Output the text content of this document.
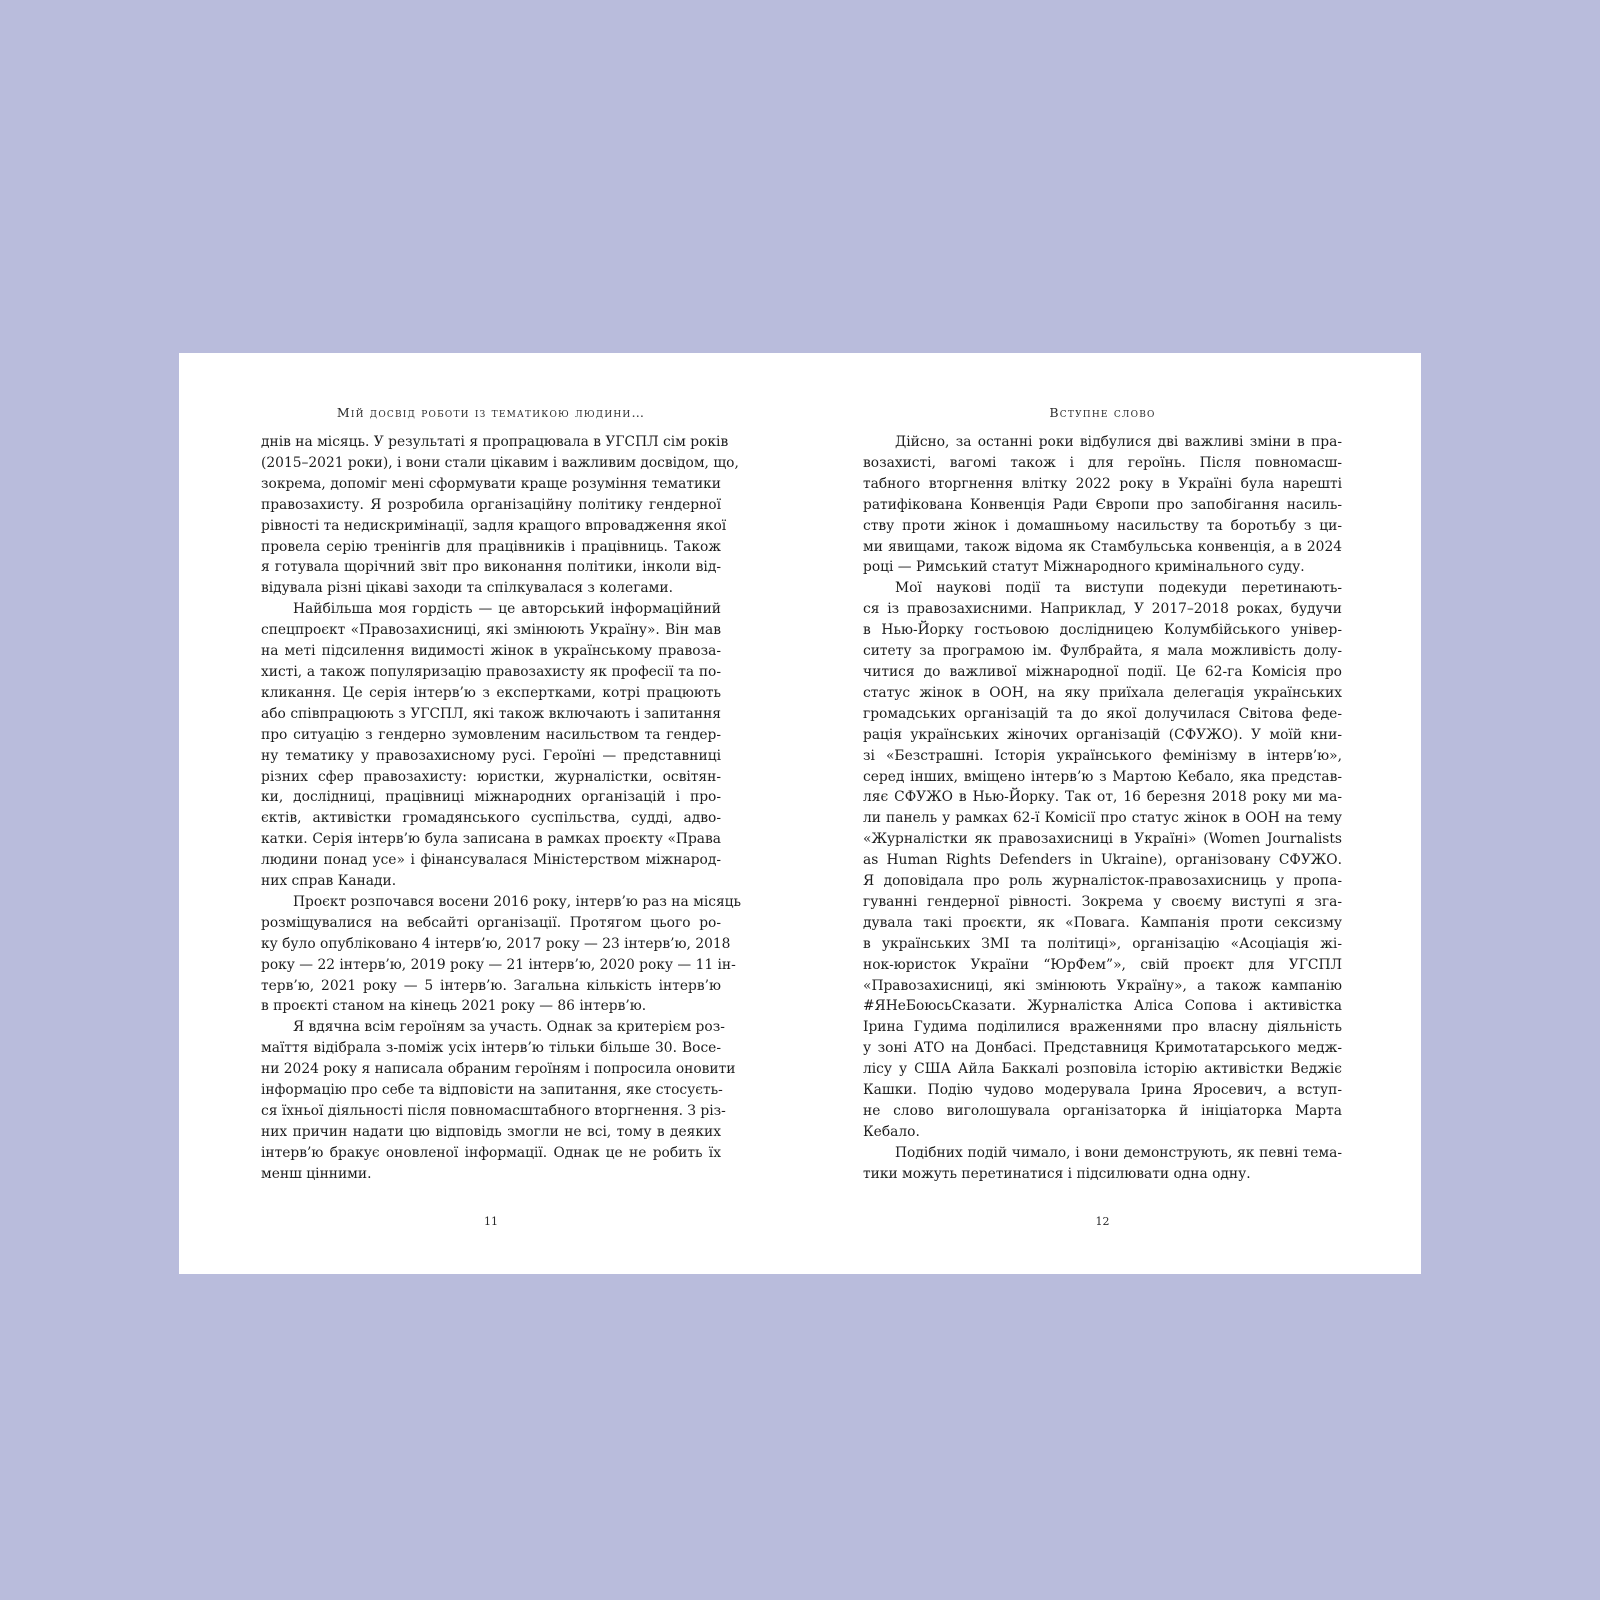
Мій досвід роботи із тематикою людини…
днів на місяць. У результаті я пропрацювала в УГСПЛ сім років
(2015–2021 роки), і вони стали цікавим і важливим досвідом, що,
зокрема, допоміг мені сформувати краще розуміння тематики
правозахисту. Я розробила організаційну політику гендерної
рівності та недискримінації, задля кращого впровадження якої
провела серію тренінгів для працівників і працівниць. Також
я готувала щорічний звіт про виконання політики, інколи від-
відувала різні цікаві заходи та спілкувалася з колегами.
Найбільша моя гордість — це авторський інформаційний
спецпроєкт «Правозахисниці, які змінюють Україну». Він мав
на меті підсилення видимості жінок в українському правоза-
хисті, а також популяризацію правозахисту як професії та по-
кликання. Це серія інтерв’ю з експертками, котрі працюють
або співпрацюють з УГСПЛ, які також включають і запитання
про ситуацію з гендерно зумовленим насильством та гендер-
ну тематику у правозахисному русі. Героїні — представниці
різних сфер правозахисту: юристки, журналістки, освітян-
ки, дослідниці, працівниці міжнародних організацій і про-
єктів, активістки громадянського суспільства, судді, адво-
катки. Серія інтерв’ю була записана в рамках проєкту «Права
людини понад усе» і фінансувалася Міністерством міжнарод-
них справ Канади.
Проєкт розпочався восени 2016 року, інтерв’ю раз на місяць
розміщувалися на вебсайті організації. Протягом цього ро-
ку було опубліковано 4 інтерв’ю, 2017 року — 23 інтерв’ю, 2018
року — 22 інтерв’ю, 2019 року — 21 інтерв’ю, 2020 року — 11 ін-
терв’ю, 2021 року — 5 інтерв’ю. Загальна кількість інтерв’ю
в проєкті станом на кінець 2021 року — 86 інтерв’ю.
Я вдячна всім героїням за участь. Однак за критерієм роз-
маїття відібрала з-поміж усіх інтерв’ю тільки більше 30. Восе-
ни 2024 року я написала обраним героїням і попросила оновити
інформацію про себе та відповісти на запитання, яке стосуєть-
ся їхньої діяльності після повномасштабного вторгнення. З різ-
них причин надати цю відповідь змогли не всі, тому в деяких
інтерв’ю бракує оновленої інформації. Однак це не робить їх
менш цінними.
11
Вступне слово
Дійсно, за останні роки відбулися дві важливі зміни в пра-
возахисті, вагомі також і для героїнь. Після повномасш-
табного вторгнення влітку 2022 року в Україні була нарешті
ратифікована Конвенція Ради Європи про запобігання насиль-
ству проти жінок і домашньому насильству та боротьбу з ци-
ми явищами, також відома як Стамбульська конвенція, а в 2024
році — Римський статут Міжнародного кримінального суду.
Мої наукові події та виступи подекуди перетинають-
ся із правозахисними. Наприклад, У 2017–2018 роках, будучи
в Нью-Йорку гостьовою дослідницею Колумбійського універ-
ситету за програмою ім. Фулбрайта, я мала можливість долу-
читися до важливої міжнародної події. Це 62-га Комісія про
статус жінок в ООН, на яку приїхала делегація українських
громадських організацій та до якої долучилася Світова феде-
рація українських жіночих організацій (СФУЖО). У моїй кни-
зі «Безстрашні. Історія українського фемінізму в інтерв’ю»,
серед інших, вміщено інтерв’ю з Мартою Кебало, яка представ-
ляє СФУЖО в Нью-Йорку. Так от, 16 березня 2018 року ми ма-
ли панель у рамках 62-ї Комісії про статус жінок в ООН на тему
«Журналістки як правозахисниці в Україні» (Women Journalists
as Human Rights Defenders in Ukraine), організовану СФУЖО.
Я доповідала про роль журналісток-правозахисниць у пропа-
гуванні гендерної рівності. Зокрема у своєму виступі я зга-
дувала такі проєкти, як «Повага. Кампанія проти сексизму
в українських ЗМІ та політиці», організацію «Асоціація жі-
нок-юристок України “ЮрФем”», свій проєкт для УГСПЛ
«Правозахисниці, які змінюють Україну», а також кампанію
#ЯНеБоюсьСказати. Журналістка Аліса Сопова і активістка
Ірина Гудима поділилися враженнями про власну діяльність
у зоні АТО на Донбасі. Представниця Кримотатарського медж-
лісу у США Айла Баккалі розповіла історію активістки Веджіє
Кашки. Подію чудово модерувала Ірина Яросевич, а вступ-
не слово виголошувала організаторка й ініціаторка Марта
Кебало.
Подібних подій чимало, і вони демонструють, як певні тема-
тики можуть перетинатися і підсилювати одна одну.
12
